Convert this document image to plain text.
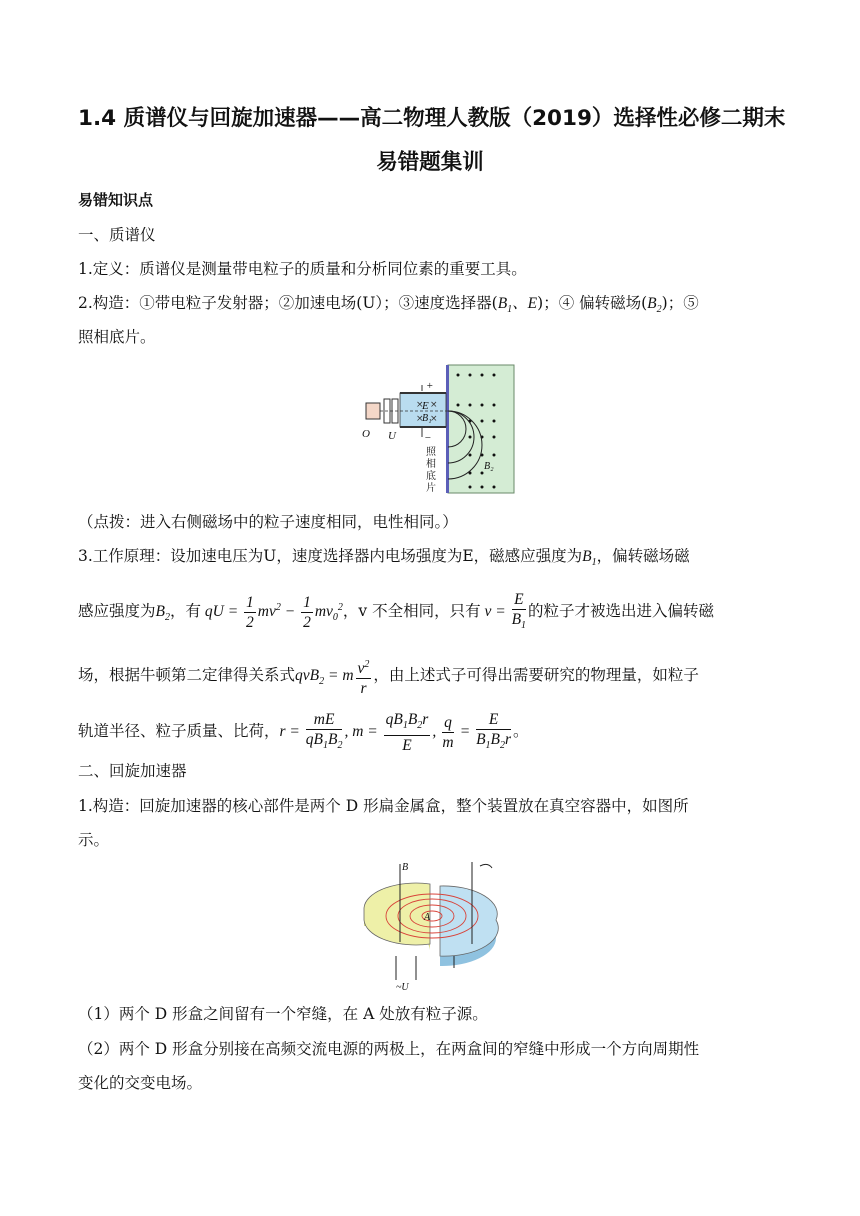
1.4 质谱仪与回旋加速器——高二物理人教版（2019）选择性必修二期末
易错题集训
易错知识点
一、质谱仪
1.定义：质谱仪是测量带电粒子的质量和分析同位素的重要工具。
2.构造：①带电粒子发射器；②加速电场(U）；③速度选择器($B_1$、E)；④ 偏转磁场$(B_2)$；⑤
照相底片。
× ×
× ×
+
−
O U
E
B₁
B₂
照
相
底
片
（点拨：进入右侧磁场中的粒子速度相同，电性相同。）
3.工作原理：设加速电压为U，速度选择器内电场强度为E，磁感应强度为$B_1$，偏转磁场磁
感应强度为$B_2$，有 qU = $\frac{1}{2} mv^2 - \frac{1}{2} mv_0^2$，v 不全相同，只有 $v = \frac{E}{B_1}$ 的粒子才被选出进入偏转磁
场，根据牛顿第二定律得关系式qvB$_2$ = m $\frac{v^2}{r}$ ，由上述式子可得出需要研究的物理量，如粒子
轨道半径、粒子质量、比荷，$r = \frac{mE}{qB_1B_2}$ , $m = \frac{qB_1B_2r}{E}$ , $\frac{q}{m} = \frac{E}{B_1B_2r}$ 。
二、回旋加速器
1.构造：回旋加速器的核心部件是两个 D 形扁金属盒，整个装置放在真空容器中，如图所
示。
B
A
~U
（1）两个 D 形盒之间留有一个窄缝，在 A 处放有粒子源。
（2）两个 D 形盒分别接在高频交流电源的两极上，在两盒间的窄缝中形成一个方向周期性
变化的交变电场。
